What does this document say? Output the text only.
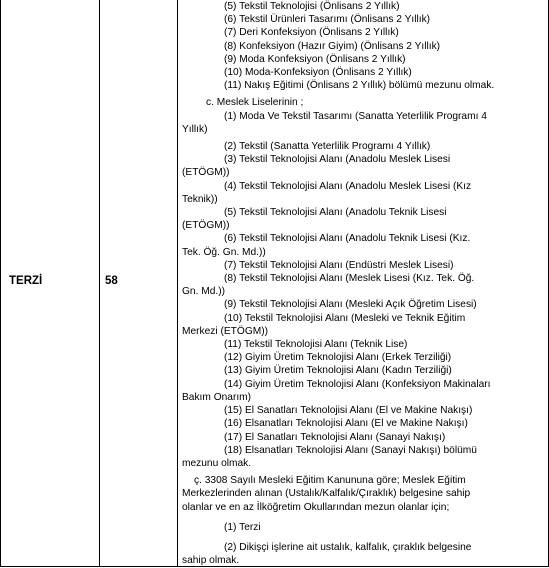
TERZİ	58
(5) Tekstil Teknolojisi (Önlisans 2 Yıllık)
(6) Tekstil Ürünleri Tasarımı (Önlisans 2 Yıllık)
(7) Deri Konfeksiyon (Önlisans 2 Yıllık)
(8) Konfeksiyon (Hazır Giyim) (Önlisans 2 Yıllık)
(9) Moda Konfeksiyon (Önlisans 2 Yıllık)
(10) Moda-Konfeksiyon (Önlisans 2 Yıllık)
(11) Nakış Eğitimi (Önlisans 2 Yıllık) bölümü mezunu olmak.
c. Meslek Liselerinin ;
(1) Moda Ve Tekstil Tasarımı (Sanatta Yeterlilik Programı 4
Yıllık)
(2) Tekstil (Sanatta Yeterlilik Programı 4 Yıllık)
(3) Tekstil Teknolojisi Alanı (Anadolu Meslek Lisesi
(ETÖGM))
(4) Tekstil Teknolojisi Alanı (Anadolu Meslek Lisesi (Kız
Teknik))
(5) Tekstil Teknolojisi Alanı (Anadolu Teknik Lisesi
(ETÖGM))
(6) Tekstil Teknolojisi Alanı (Anadolu Teknik Lisesi (Kız.
Tek. Öğ. Gn. Md.))
(7) Tekstil Teknolojisi Alanı (Endüstri Meslek Lisesi)
(8) Tekstil Teknolojisi Alanı (Meslek Lisesi (Kız. Tek. Öğ.
Gn. Md.))
(9) Tekstil Teknolojisi Alanı (Mesleki Açık Öğretim Lisesi)
(10) Tekstil Teknolojisi Alanı (Mesleki ve Teknik Eğitim
Merkezi (ETÖGM))
(11) Tekstil Teknolojisi Alanı (Teknik Lise)
(12) Giyim Üretim Teknolojisi Alanı (Erkek Terziliği)
(13) Giyim Üretim Teknolojisi Alanı (Kadın Terziliği)
(14) Giyim Üretim Teknolojisi Alanı (Konfeksiyon Makinaları
Bakım Onarım)
(15) El Sanatları Teknolojisi Alanı (El ve Makine Nakışı)
(16) Elsanatları Teknolojisi Alanı (El ve Makine Nakışı)
(17) El Sanatları Teknolojisi Alanı (Sanayi Nakışı)
(18) Elsanatları Teknolojisi Alanı (Sanayi Nakışı) bölümü
mezunu olmak.
ç. 3308 Sayılı Mesleki Eğitim Kanununa göre; Meslek Eğitim
Merkezlerinden alınan (Ustalık/Kalfalık/Çıraklık) belgesine sahip
olanlar ve en az İlköğretim Okullarından mezun olanlar için;
(1) Terzi
(2) Dikişçi işlerine ait ustalık, kalfalık, çıraklık belgesine
sahip olmak.
